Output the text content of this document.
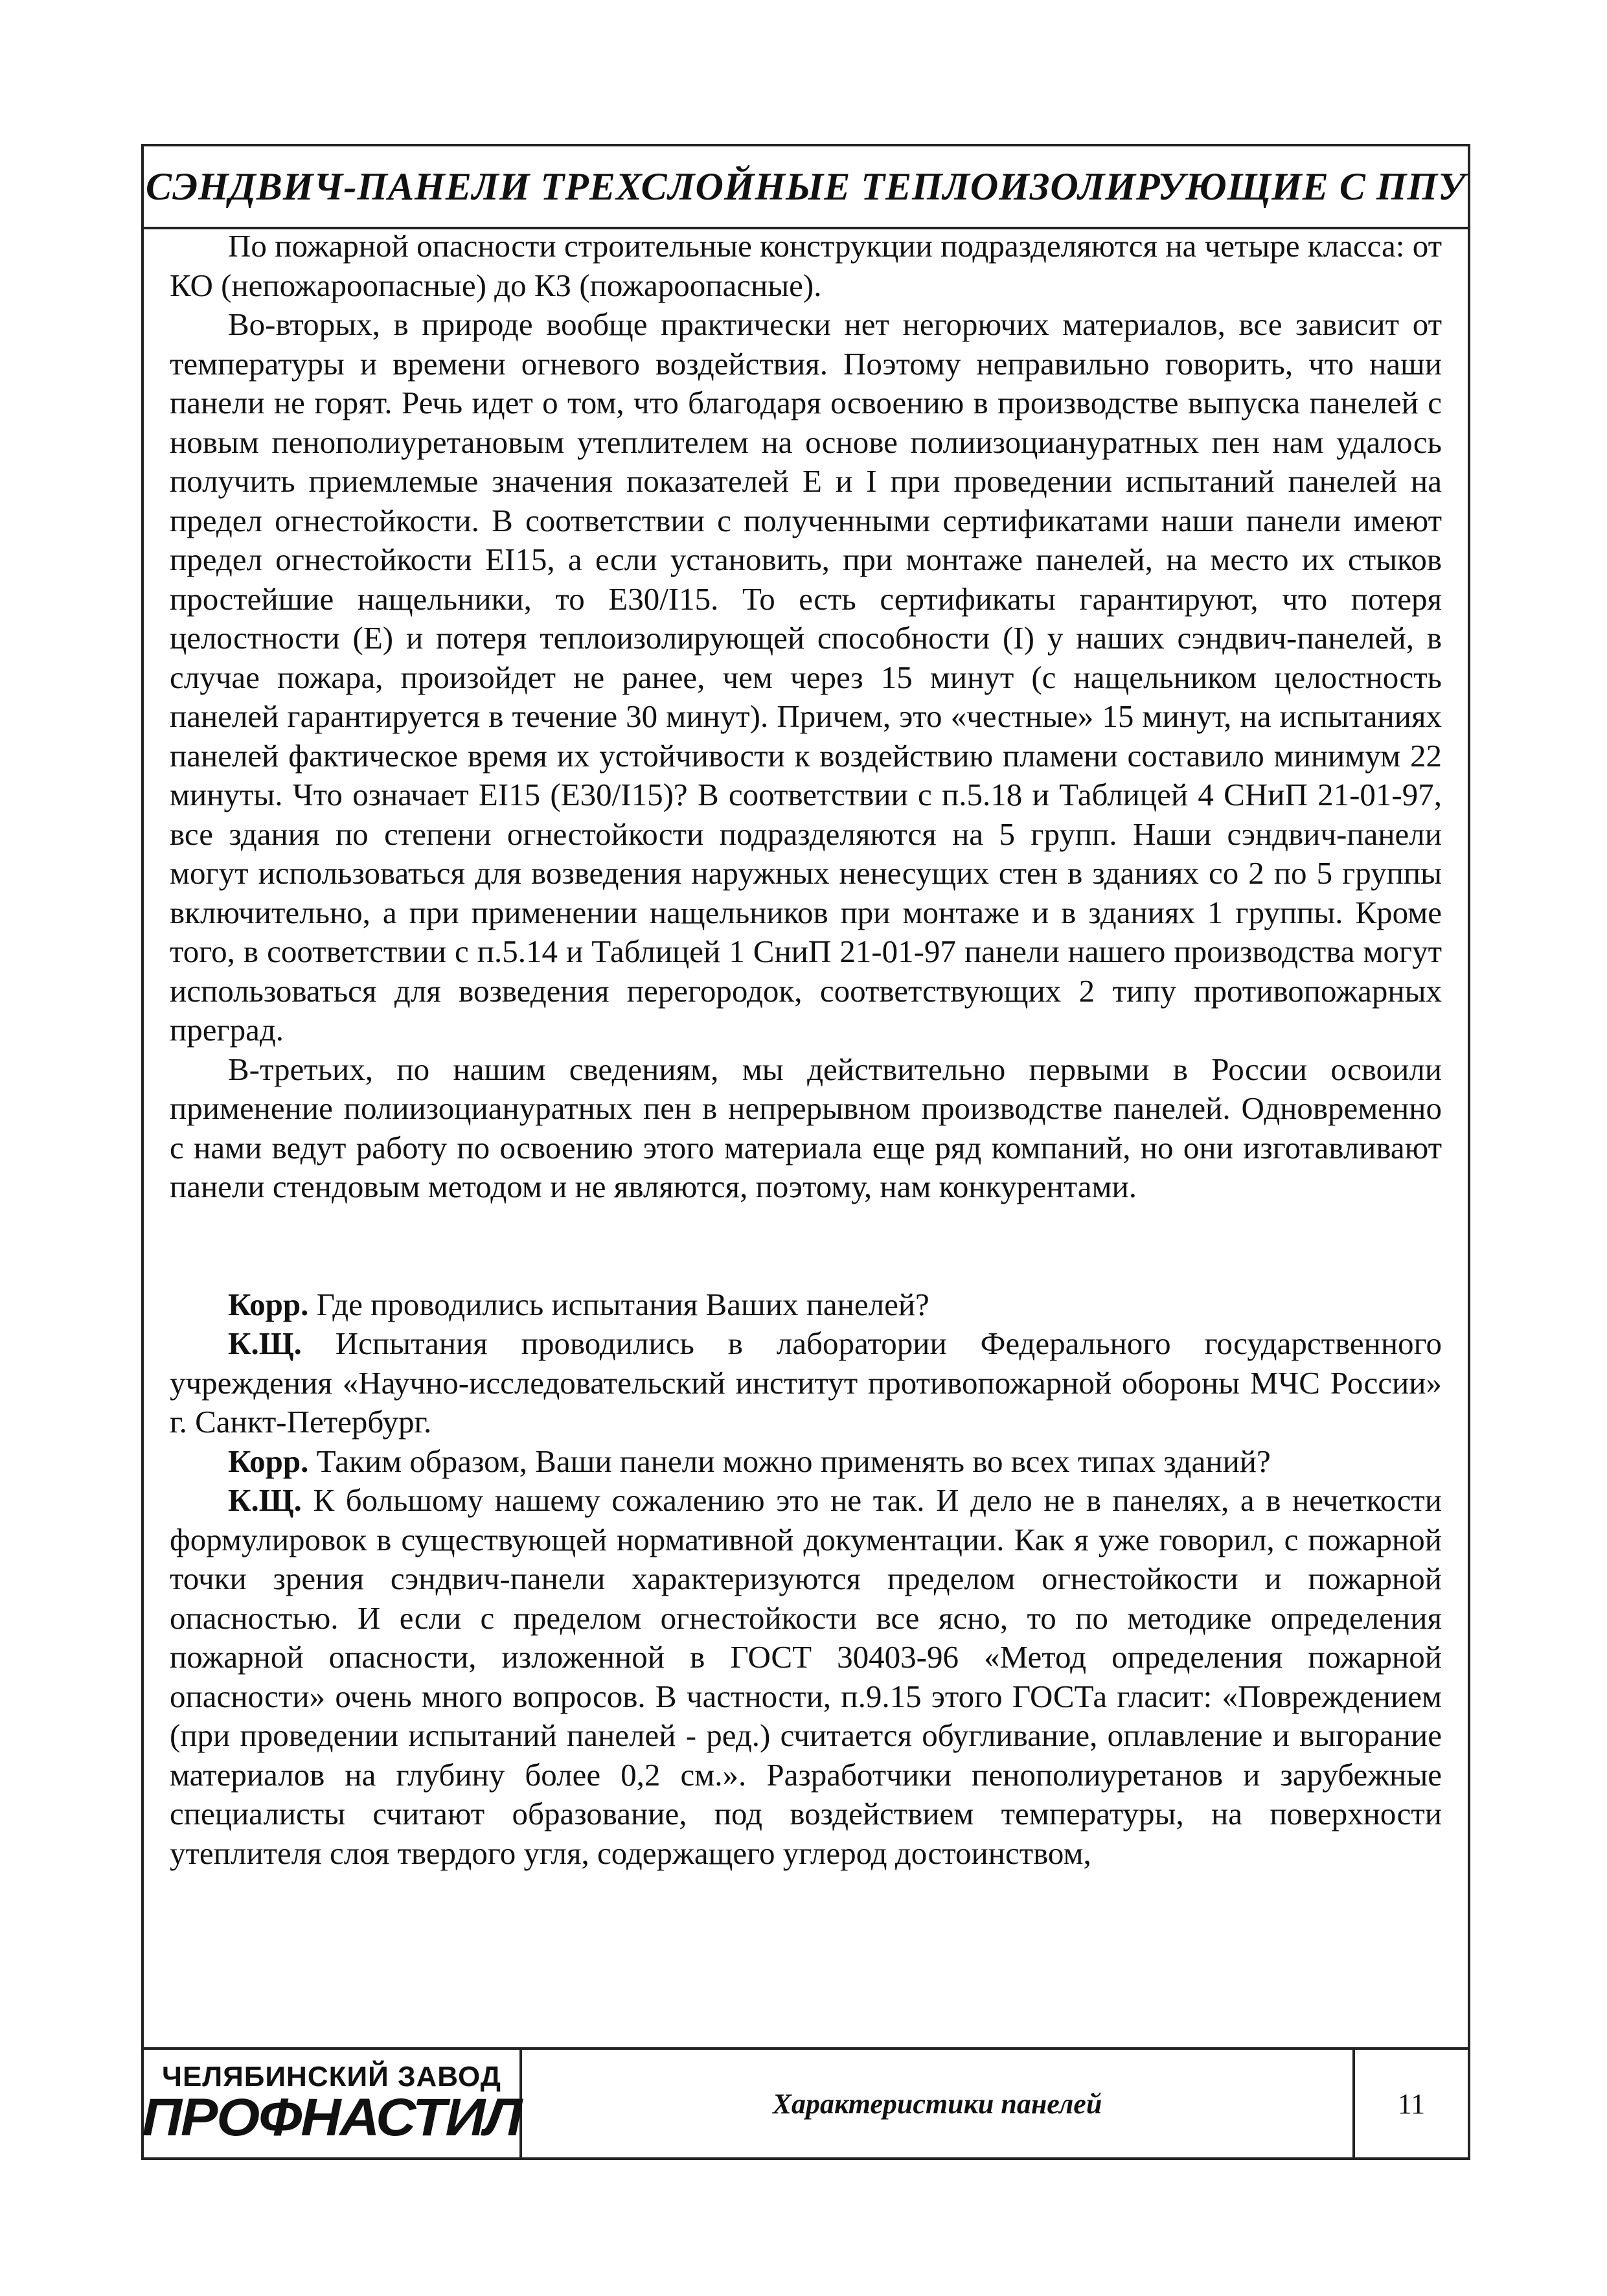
СЭНДВИЧ-ПАНЕЛИ ТРЕХСЛОЙНЫЕ ТЕПЛОИЗОЛИРУЮЩИЕ С ППУ

По пожарной опасности строительные конструкции подразделяются на четыре класса: от КО (непожароопасные) до КЗ (пожароопасные).

Во-вторых, в природе вообще практически нет негорючих материалов, все зависит от температуры и времени огневого воздействия. Поэтому неправильно говорить, что наши панели не горят. Речь идет о том, что благодаря освоению в производстве выпуска панелей с новым пенополиуретановым утеплителем на основе полиизоциануратных пен нам удалось получить приемлемые значения показателей Е и I при проведении испытаний панелей на предел огнестойкости. В соответствии с полученными сертификатами наши панели имеют предел огнестойкости EI15, а если установить, при монтаже панелей, на место их стыков простейшие нащельники, то Е30/I15. То есть сертификаты гарантируют, что потеря целостности (Е) и потеря теплоизолирующей способности (I) у наших сэндвич-панелей, в случае пожара, произойдет не ранее, чем через 15 минут (с нащельником целостность панелей гарантируется в течение 30 минут). Причем, это «честные» 15 минут, на испытаниях панелей фактическое время их устойчивости к воздействию пламени составило минимум 22 минуты. Что означает EI15 (Е30/I15)? В соответствии с п.5.18 и Таблицей 4 СНиП 21-01-97, все здания по степени огнестойкости подразделяются на 5 групп. Наши сэндвич-панели могут использоваться для возведения наружных ненесущих стен в зданиях со 2 по 5 группы включительно, а при применении нащельников при монтаже и в зданиях 1 группы. Кроме того, в соответствии с п.5.14 и Таблицей 1 СниП 21-01-97 панели нашего производства могут использоваться для возведения перегородок, соответствующих 2 типу противопожарных преград.

В-третьих, по нашим сведениям, мы действительно первыми в России освоили применение полиизоциануратных пен в непрерывном производстве панелей. Одновременно с нами ведут работу по освоению этого материала еще ряд компаний, но они изготавливают панели стендовым методом и не являются, поэтому, нам конкурентами.

Корр. Где проводились испытания Ваших панелей?

К.Щ. Испытания проводились в лаборатории Федерального государственного учреждения «Научно-исследовательский институт противопожарной обороны МЧС России» г. Санкт-Петербург.

Корр. Таким образом, Ваши панели можно применять во всех типах зданий?

К.Щ. К большому нашему сожалению это не так. И дело не в панелях, а в нечеткости формулировок в существующей нормативной документации. Как я уже говорил, с пожарной точки зрения сэндвич-панели характеризуются пределом огнестойкости и пожарной опасностью. И если с пределом огнестойкости все ясно, то по методике определения пожарной опасности, изложенной в ГОСТ 30403-96 «Метод определения пожарной опасности» очень много вопросов. В частности, п.9.15 этого ГОСТа гласит: «Повреждением (при проведении испытаний панелей - ред.) считается обугливание, оплавление и выгорание материалов на глубину более 0,2 см.». Разработчики пенополиуретанов и зарубежные специалисты считают образование, под воздействием температуры, на поверхности утеплителя слоя твердого угля, содержащего углерод достоинством,

ЧЕЛЯБИНСКИЙ ЗАВОД
ПРОФНАСТИЛ	Характеристики панелей	11
